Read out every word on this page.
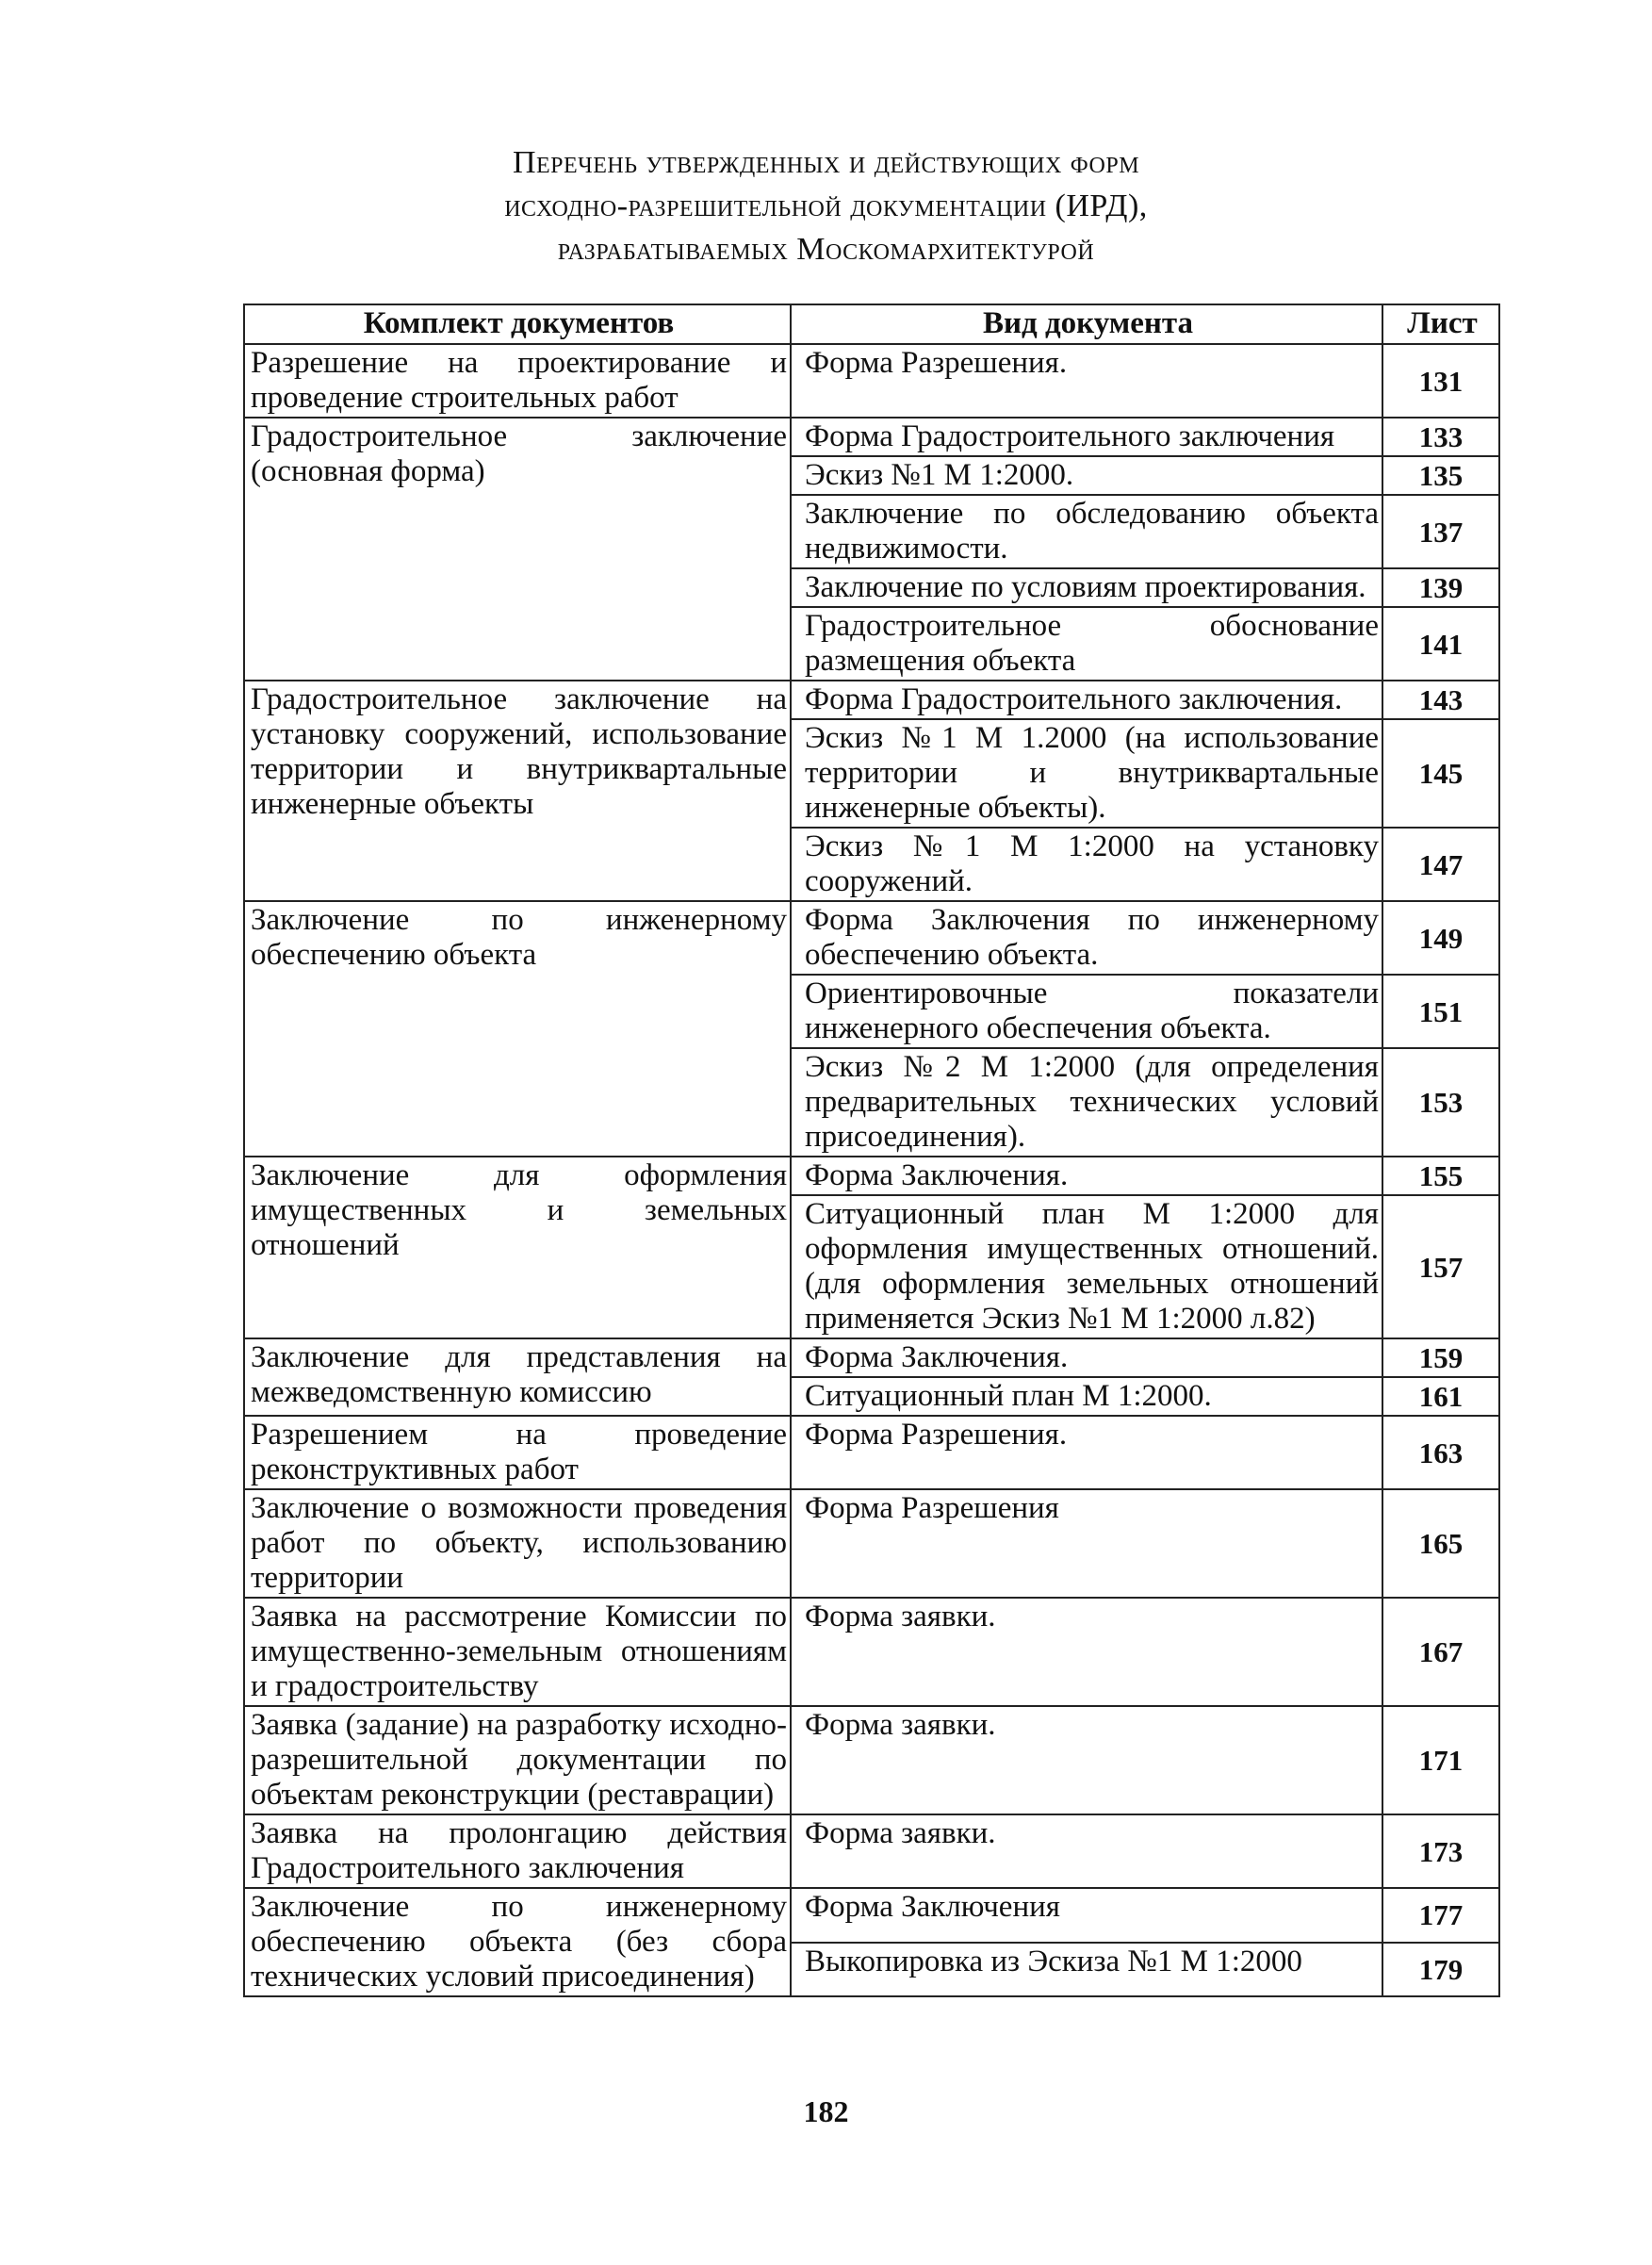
Перечень утвержденных и действующих форм
исходно-разрешительной документации (ИРД),
разрабатываемых Москомархитектурой
Комплект документов	Вид документа	Лист
Разрешение на проектирование и проведение строительных работ	Форма Разрешения.	131
Градостроительное заключение (основная форма)	Форма Градостроительного заключения	133
	Эскиз №1 М 1:2000.	135
	Заключение по обследованию объекта недвижимости.	137
	Заключение по условиям проектирования.	139
	Градостроительное обоснование размещения объекта	141
Градостроительное заключение на установку сооружений, использование территории и внутриквартальные инженерные объекты	Форма Градостроительного заключения.	143
	Эскиз №1 М 1.2000 (на использование территории и внутриквартальные инженерные объекты).	145
	Эскиз №1 М 1:2000 на установку сооружений.	147
Заключение по инженерному обеспечению объекта	Форма Заключения по инженерному обеспечению объекта.	149
	Ориентировочные показатели инженерного обеспечения объекта.	151
	Эскиз №2 М 1:2000 (для определения предварительных технических условий присоединения).	153
Заключение для оформления имущественных и земельных отношений	Форма Заключения.	155
	Ситуационный план М 1:2000 для оформления имущественных отношений. (для оформления земельных отношений применяется Эскиз №1 М 1:2000 л.82)	157
Заключение для представления на межведомственную комиссию	Форма Заключения.	159
	Ситуационный план М 1:2000.	161
Разрешением на проведение реконструктивных работ	Форма Разрешения.	163
Заключение о возможности проведения работ по объекту, использованию территории	Форма Разрешения	165
Заявка на рассмотрение Комиссии по имущественно-земельным отношениям и градостроительству	Форма заявки.	167
Заявка (задание) на разработку исходно-разрешительной документации по объектам реконструкции (реставрации)	Форма заявки.	171
Заявка на пролонгацию действия Градостроительного заключения	Форма заявки.	173
Заключение по инженерному обеспечению объекта (без сбора технических условий присоединения)	Форма Заключения	177
	Выкопировка из Эскиза №1 М 1:2000	179
182
